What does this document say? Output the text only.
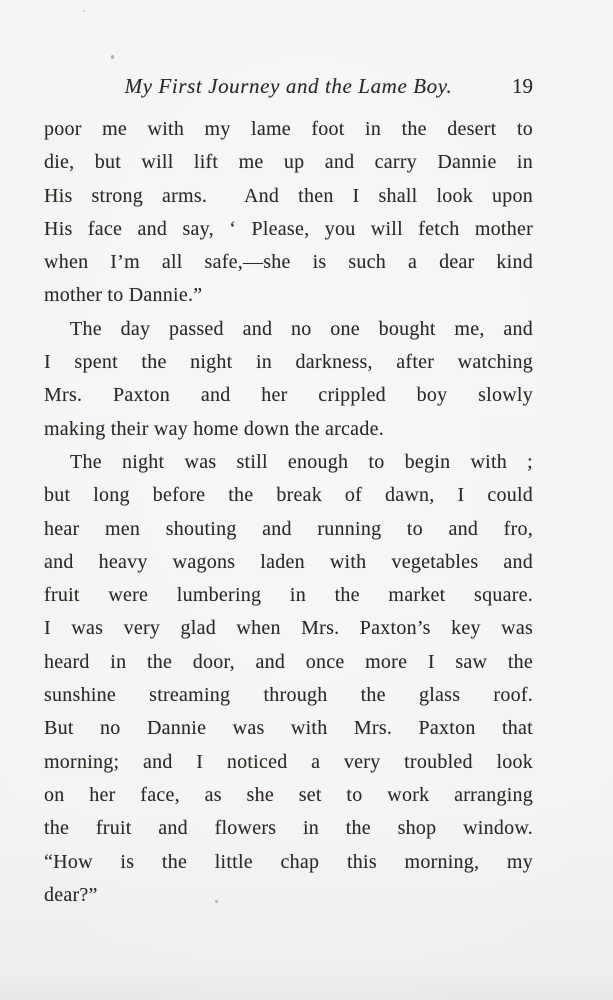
My First Journey and the Lame Boy.	19
poor me with my lame foot in the desert to
die, but will lift me up and carry Dannie in
His strong arms.  And then I shall look upon
His face and say, ‘ Please, you will fetch mother
when I’m all safe,—she is such a dear kind
mother to Dannie.”
The day passed and no one bought me, and
I spent the night in darkness, after watching
Mrs. Paxton and her crippled boy slowly
making their way home down the arcade.
The night was still enough to begin with ;
but long before the break of dawn, I could
hear men shouting and running to and fro,
and heavy wagons laden with vegetables and
fruit were lumbering in the market square.
I was very glad when Mrs. Paxton’s key was
heard in the door, and once more I saw the
sunshine streaming through the glass roof.
But no Dannie was with Mrs. Paxton that
morning; and I noticed a very troubled look
on her face, as she set to work arranging
the fruit and flowers in the shop window.
“How is the little chap this morning, my
dear?”
